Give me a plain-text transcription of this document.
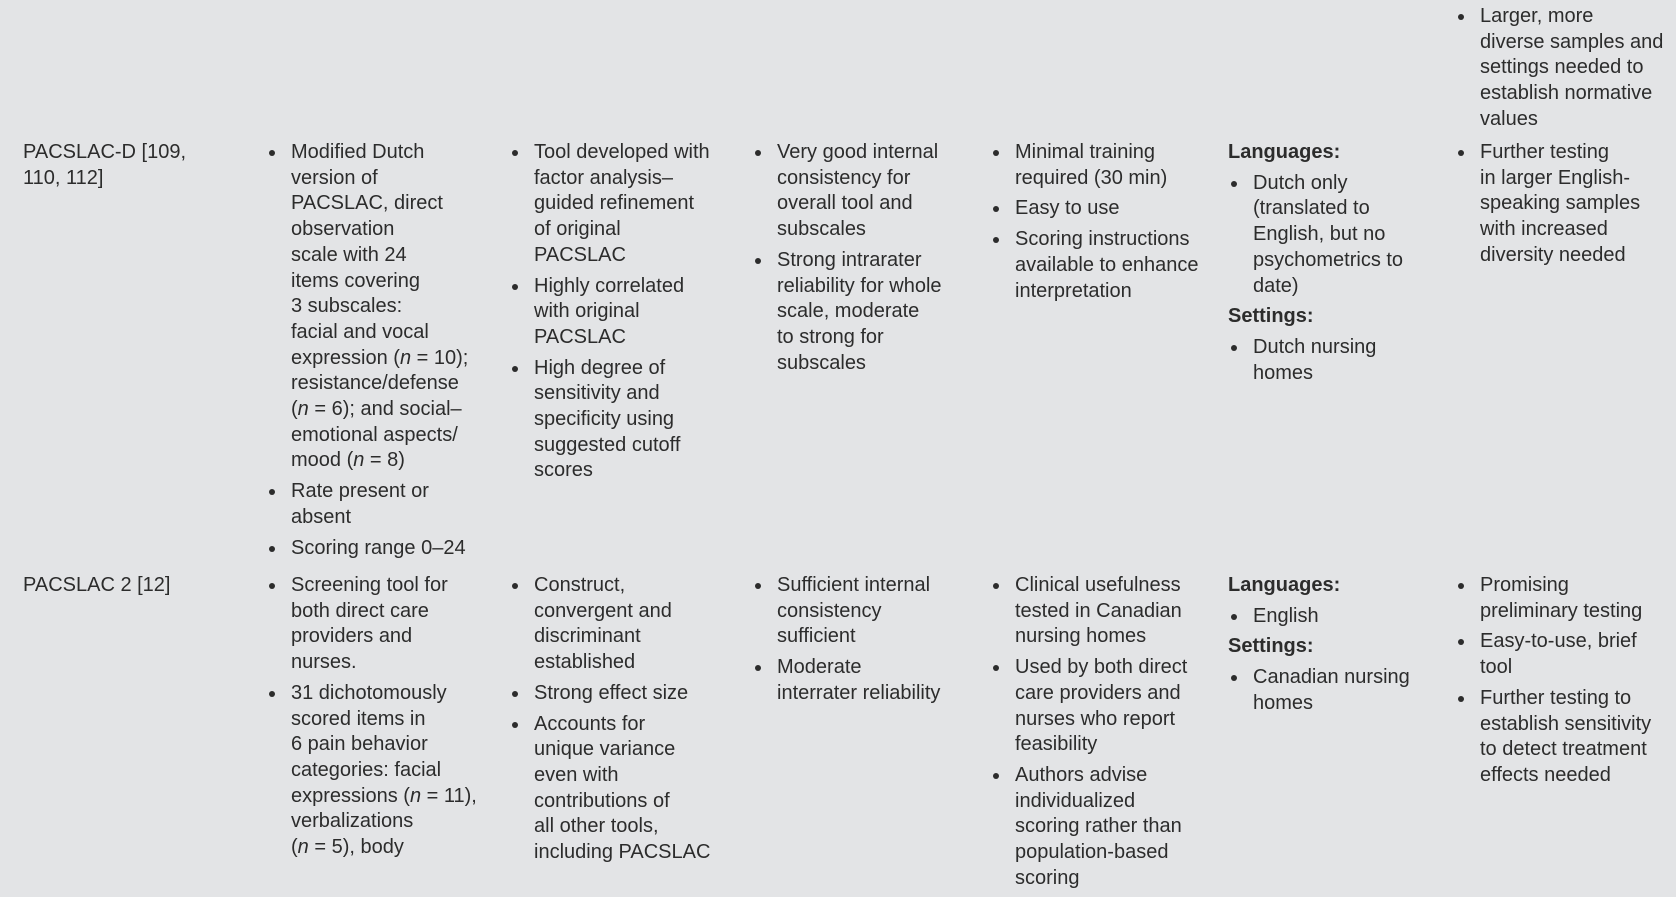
Larger, more
diverse samples and
settings needed to
establish normative
values
PACSLAC-D [109,
110, 112]
Modified Dutch
version of
PACSLAC, direct
observation
scale with 24
items covering
3 subscales:
facial and vocal
expression (n = 10);
resistance/defense
(n = 6); and social–
emotional aspects/
mood (n = 8)
Rate present or
absent
Scoring range 0–24
Tool developed with
factor analysis–
guided refinement
of original
PACSLAC
Highly correlated
with original
PACSLAC
High degree of
sensitivity and
specificity using
suggested cutoff
scores
Very good internal
consistency for
overall tool and
subscales
Strong intrarater
reliability for whole
scale, moderate
to strong for
subscales
Minimal training
required (30 min)
Easy to use
Scoring instructions
available to enhance
interpretation
Languages:
Dutch only
(translated to
English, but no
psychometrics to
date)
Settings:
Dutch nursing
homes
Further testing
in larger English-
speaking samples
with increased
diversity needed
PACSLAC 2 [12]	Screening tool for
both direct care
providers and
nurses.
31 dichotomously
scored items in
6 pain behavior
categories: facial
expressions (n = 11),
verbalizations
(n = 5), body
Construct,
convergent and
discriminant
established
Strong effect size
Accounts for
unique variance
even with
contributions of
all other tools,
including PACSLAC
Sufficient internal
consistency
sufficient
Moderate
interrater reliability
Clinical usefulness
tested in Canadian
nursing homes
Used by both direct
care providers and
nurses who report
feasibility
Authors advise
individualized
scoring rather than
population-based
scoring
Languages:
English
Settings:
Canadian nursing
homes
Promising
preliminary testing
Easy-to-use, brief
tool
Further testing to
establish sensitivity
to detect treatment
effects needed
